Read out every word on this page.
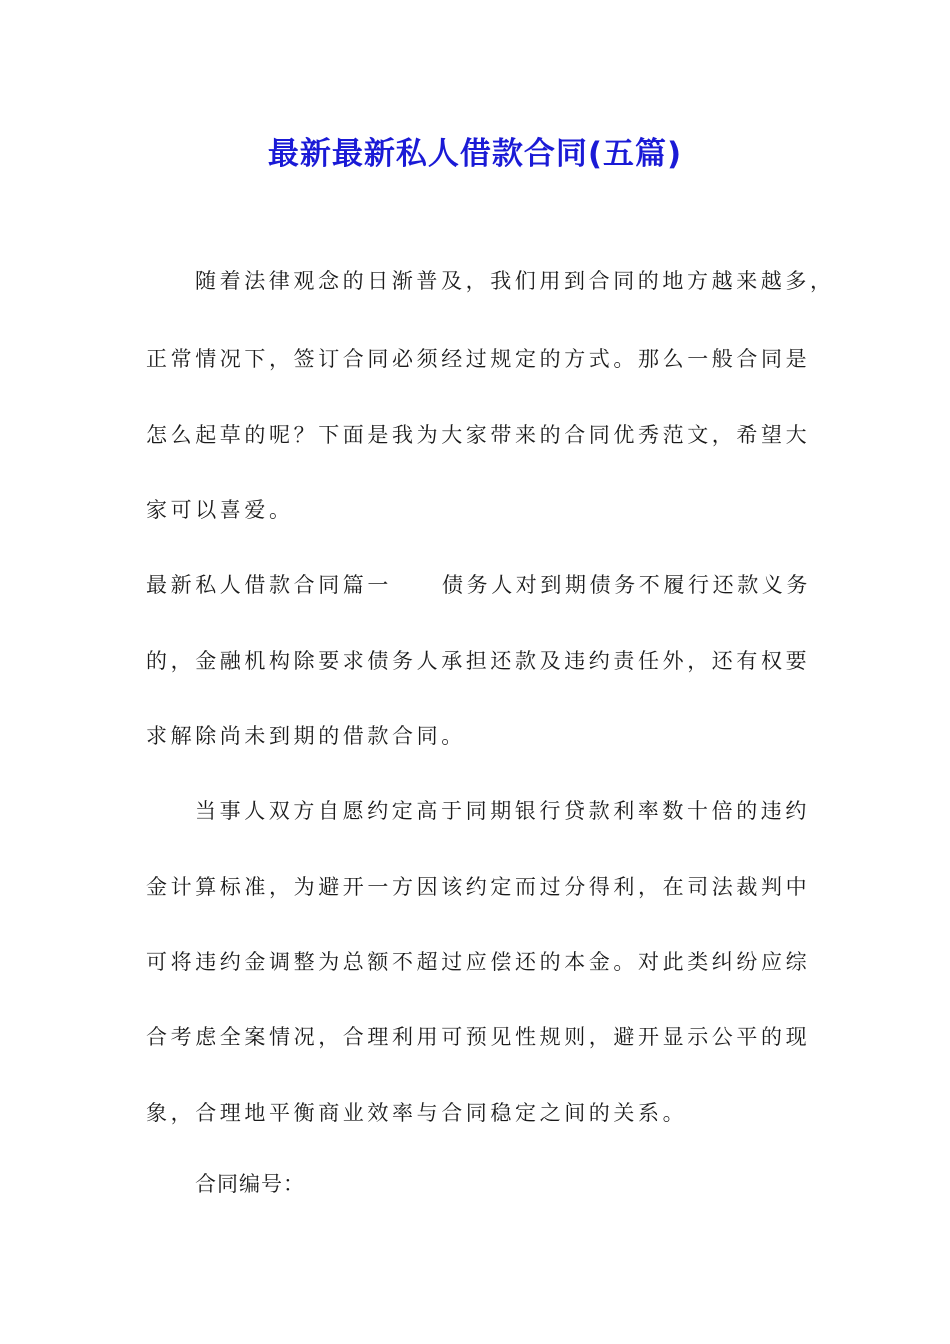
最新最新私人借款合同(五篇)
随着法律观念的日渐普及，我们用到合同的地方越来越多，
正常情况下，签订合同必须经过规定的方式。那么一般合同是
怎么起草的呢？下面是我为大家带来的合同优秀范文，希望大
家可以喜爱。
最新私人借款合同篇一 债务人对到期债务不履行还款义务
的，金融机构除要求债务人承担还款及违约责任外，还有权要
求解除尚未到期的借款合同。
当事人双方自愿约定高于同期银行贷款利率数十倍的违约
金计算标准，为避开一方因该约定而过分得利，在司法裁判中
可将违约金调整为总额不超过应偿还的本金。对此类纠纷应综
合考虑全案情况，合理利用可预见性规则，避开显示公平的现
象，合理地平衡商业效率与合同稳定之间的关系。
合同编号：
